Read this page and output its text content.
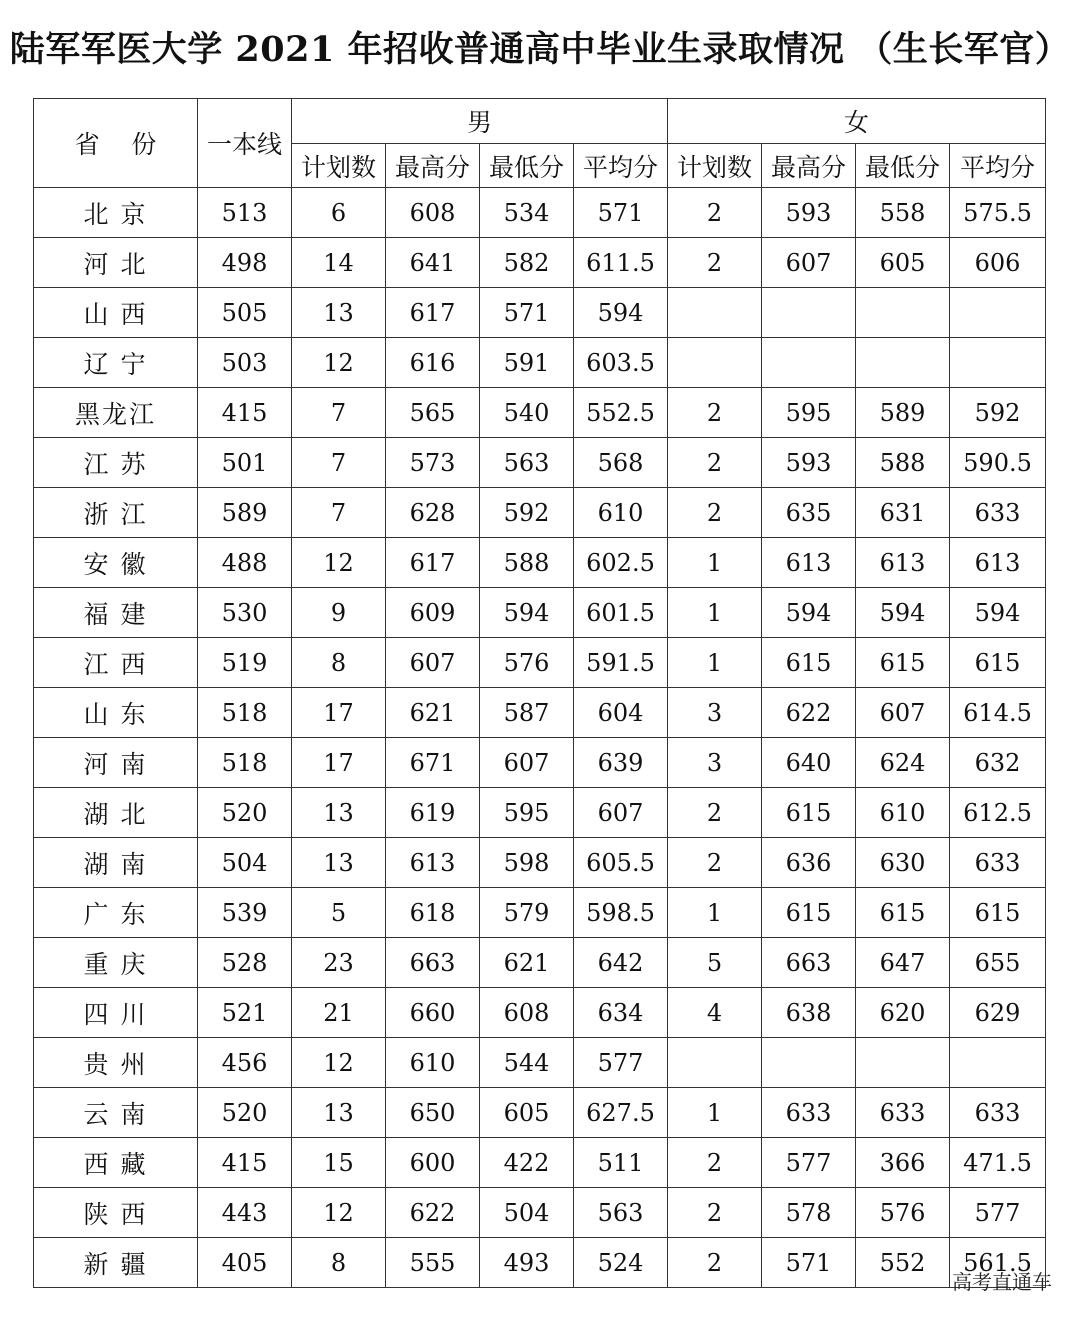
陆军军医大学 2021 年招收普通高中毕业生录取情况 （生长军官）
省    份	一本线	男				女			
		计划数	最高分	最低分	平均分	计划数	最高分	最低分	平均分
北 京	513	6	608	534	571	2	593	558	575.5
河 北	498	14	641	582	611.5	2	607	605	606
山 西	505	13	617	571	594				
辽 宁	503	12	616	591	603.5				
黑龙江	415	7	565	540	552.5	2	595	589	592
江 苏	501	7	573	563	568	2	593	588	590.5
浙 江	589	7	628	592	610	2	635	631	633
安 徽	488	12	617	588	602.5	1	613	613	613
福 建	530	9	609	594	601.5	1	594	594	594
江 西	519	8	607	576	591.5	1	615	615	615
山 东	518	17	621	587	604	3	622	607	614.5
河 南	518	17	671	607	639	3	640	624	632
湖 北	520	13	619	595	607	2	615	610	612.5
湖 南	504	13	613	598	605.5	2	636	630	633
广 东	539	5	618	579	598.5	1	615	615	615
重 庆	528	23	663	621	642	5	663	647	655
四 川	521	21	660	608	634	4	638	620	629
贵 州	456	12	610	544	577				
云 南	520	13	650	605	627.5	1	633	633	633
西 藏	415	15	600	422	511	2	577	366	471.5
陕 西	443	12	622	504	563	2	578	576	577
新 疆	405	8	555	493	524	2	571	552	561.5
高考直通车
